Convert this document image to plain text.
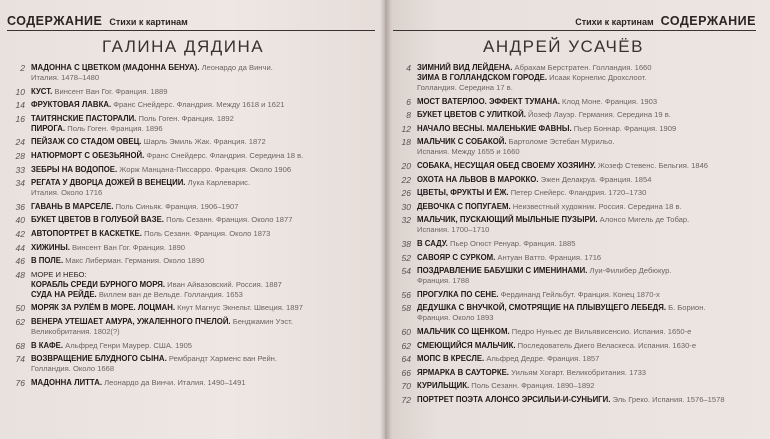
СОДЕРЖАНИЕ Стихи к картинам
ГАЛИНА ДЯДИНА
2 МАДОННА С ЦВЕТКОМ (МАДОННА БЕНУА). Леонардо да Винчи.
Италия. 1478–1480
10 КУСТ. Винсент Ван Гог. Франция. 1889
14 ФРУКТОВАЯ ЛАВКА. Франс Снейдерс. Фландрия. Между 1618 и 1621
16 ТАИТЯНСКИЕ ПАСТОРАЛИ. Поль Гоген. Франция. 1892
ПИРОГА. Поль Гоген. Франция. 1896
24 ПЕЙЗАЖ СО СТАДОМ ОВЕЦ. Шарль Эмиль Жак. Франция. 1872
28 НАТЮРМОРТ С ОБЕЗЬЯНОЙ. Франс Снейдерс. Фландрия. Середина 18 в.
33 ЗЕБРЫ НА ВОДОПОЕ. Жорж Манцана-Писсарро. Франция. Около 1906
34 РЕГАТА У ДВОРЦА ДОЖЕЙ В ВЕНЕЦИИ. Лука Карлеварис.
Италия. Около 1716
36 ГАВАНЬ В МАРСЕЛЕ. Поль Синьяк. Франция. 1906–1907
40 БУКЕТ ЦВЕТОВ В ГОЛУБОЙ ВАЗЕ. Поль Сезанн. Франция. Около 1877
42 АВТОПОРТРЕТ В КАСКЕТКЕ. Поль Сезанн. Франция. Около 1873
44 ХИЖИНЫ. Винсент Ван Гог. Франция. 1890
46 В ПОЛЕ. Макс Либерман. Германия. Около 1890
48 МОРЕ И НЕБО:
КОРАБЛЬ СРЕДИ БУРНОГО МОРЯ. Иван Айвазовский. Россия. 1887
СУДА НА РЕЙДЕ. Виллем ван де Вельде. Голландия. 1653
50 МОРЯК ЗА РУЛЁМ В МОРЕ. ЛОЦМАН. Кнут Магнус Экнельт. Швеция. 1897
62 ВЕНЕРА УТЕШАЕТ АМУРА, УЖАЛЕННОГО ПЧЕЛОЙ. Бенджамин Уэст.
Великобритания. 1802(?)
68 В КАФЕ. Альфред Генри Маурер. США. 1905
74 ВОЗВРАЩЕНИЕ БЛУДНОГО СЫНА. Рембрандт Харменс ван Рейн.
Голландия. Около 1668
76 МАДОННА ЛИТТА. Леонардо да Винчи. Италия. 1490–1491
Стихи к картинам СОДЕРЖАНИЕ
АНДРЕЙ УСАЧЁВ
4 ЗИМНИЙ ВИД ЛЕЙДЕНА. Абрахам Берстратен. Голландия. 1660
ЗИМА В ГОЛЛАНДСКОМ ГОРОДЕ. Исаак Корнелис Дрохслоот.
Голландия. Середина 17 в.
6 МОСТ ВАТЕРЛОО. ЭФФЕКТ ТУМАНА. Клод Моне. Франция. 1903
8 БУКЕТ ЦВЕТОВ С УЛИТКОЙ. Йозеф Лауэр. Германия. Середина 19 в.
12 НАЧАЛО ВЕСНЫ. МАЛЕНЬКИЕ ФАВНЫ. Пьер Боннар. Франция. 1909
18 МАЛЬЧИК С СОБАКОЙ. Бартоломе Эстебан Мурильо.
Испания. Между 1655 и 1660
20 СОБАКА, НЕСУЩАЯ ОБЕД СВОЕМУ ХОЗЯИНУ. Жозеф Стевенс. Бельгия. 1846
22 ОХОТА НА ЛЬВОВ В МАРОККО. Эжен Делакруа. Франция. 1854
26 ЦВЕТЫ, ФРУКТЫ И ЁЖ. Петер Снейерс. Фландрия. 1720–1730
30 ДЕВОЧКА С ПОПУГАЕМ. Неизвестный художник. Россия. Середина 18 в.
32 МАЛЬЧИК, ПУСКАЮЩИЙ МЫЛЬНЫЕ ПУЗЫРИ. Алонсо Мигель де Тобар.
Испания. 1700–1710
38 В САДУ. Пьер Огюст Ренуар. Франция. 1885
52 САВОЯР С СУРКОМ. Антуан Ватто. Франция. 1716
54 ПОЗДРАВЛЕНИЕ БАБУШКИ С ИМЕНИНАМИ. Луи-Филибер Дебюкур.
Франция. 1788
56 ПРОГУЛКА ПО СЕНЕ. Фердинанд Гейльбут. Франция. Конец 1870-х
58 ДЕДУШКА С ВНУЧКОЙ, СМОТРЯЩИЕ НА ПЛЫВУЩЕГО ЛЕБЕДЯ. Б. Борион.
Франция. Около 1893
60 МАЛЬЧИК СО ЩЕНКОМ. Педро Нуньес де Вильявисенсио. Испания. 1650-е
62 СМЕЮЩИЙСЯ МАЛЬЧИК. Последователь Диего Веласкеса. Испания. 1630-е
64 МОПС В КРЕСЛЕ. Альфред Дедре. Франция. 1857
66 ЯРМАРКА В САУТОРКЕ. Уильям Хогарт. Великобритания. 1733
70 КУРИЛЬЩИК. Поль Сезанн. Франция. 1890–1892
72 ПОРТРЕТ ПОЭТА АЛОНСО ЭРСИЛЬИ-И-СУНЬИГИ. Эль Греко. Испания. 1576–1578
